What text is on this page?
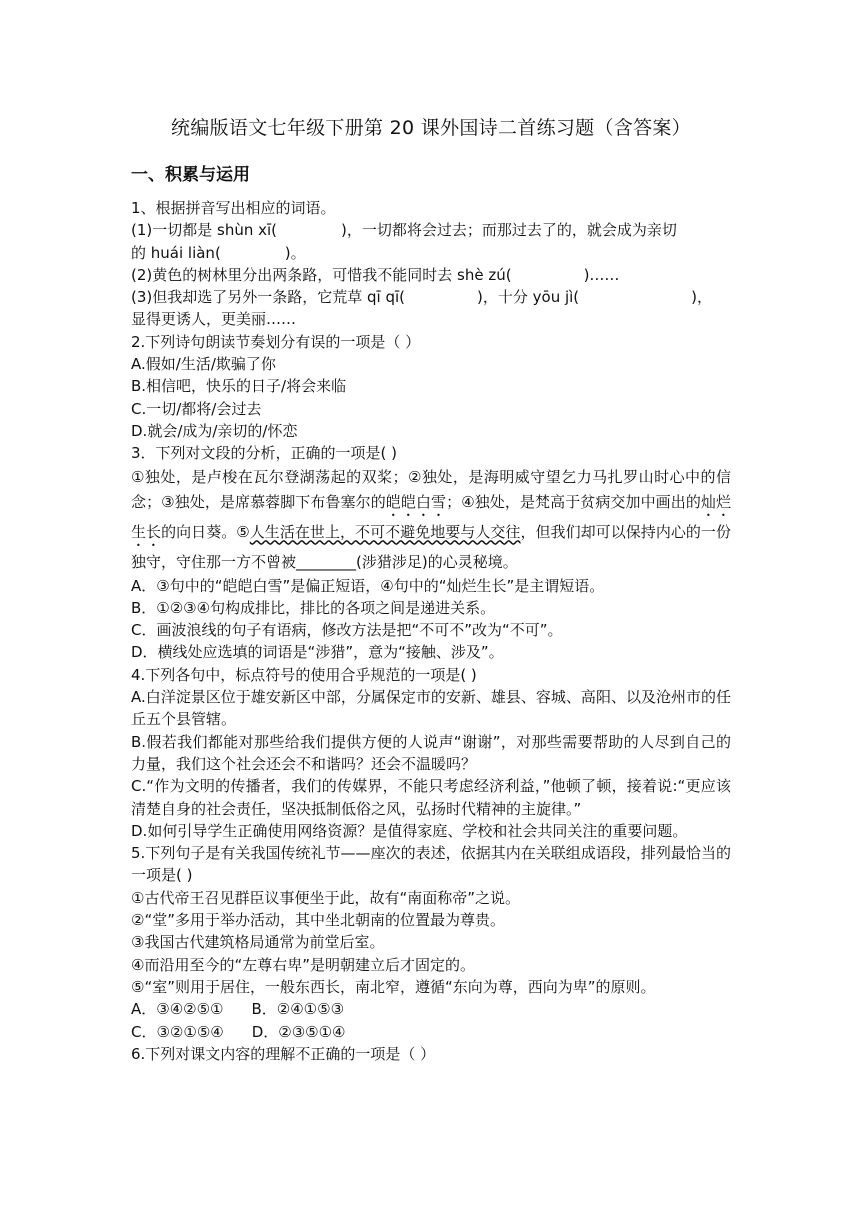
统编版语文七年级下册第 20 课外国诗二首练习题（含答案）
一、积累与运用

1、根据拼音写出相应的词语。

(1)一切都是 shùn xī(	)，一切都将会过去；而那过去了的，就会成为亲切

的 huái liàn(	)。

(2)黄色的树林里分出两条路，可惜我不能同时去 shè zú(	)……

(3)但我却选了另外一条路，它荒草 qī qī(	)，十分 yōu jì(	)，

显得更诱人，更美丽……

2.下列诗句朗读节奏划分有误的一项是（ ）

A.假如/生活/欺骗了你

B.相信吧，快乐的日子/将会来临

C.一切/都将/会过去

D.就会/成为/亲切的/怀恋

3．下列对文段的分析，正确的一项是( )

①独处，是卢梭在瓦尔登湖荡起的双桨；②独处，是海明威守望乞力马扎罗山时心中的信念；③独处，是席慕蓉脚下布鲁塞尔的皑皑白雪；④独处，是梵高于贫病交加中画出的灿烂生长的向日葵。⑤人生活在世上，不可不避免地要与人交往，但我们却可以保持内心的一份独守，守住那一方不曾被________(涉猎涉足)的心灵秘境。

A．③句中的“皑皑白雪”是偏正短语，④句中的“灿烂生长”是主谓短语。

B．①②③④句构成排比，排比的各项之间是递进关系。

C．画波浪线的句子有语病，修改方法是把“不可不”改为“不可”。

D．横线处应选填的词语是“涉猎”，意为“接触、涉及”。

4.下列各句中，标点符号的使用合乎规范的一项是( )

A.白洋淀景区位于雄安新区中部，分属保定市的安新、雄县、容城、高阳、以及沧州市的任丘五个县管辖。

B.假若我们都能对那些给我们提供方便的人说声“谢谢”，对那些需要帮助的人尽到自己的力量，我们这个社会还会不和谐吗？还会不温暖吗？

C.“作为文明的传播者，我们的传媒界，不能只考虑经济利益，”他顿了顿，接着说:“更应该清楚自身的社会责任，坚决抵制低俗之风，弘扬时代精神的主旋律。”

D.如何引导学生正确使用网络资源？是值得家庭、学校和社会共同关注的重要问题。

5.下列句子是有关我国传统礼节——座次的表述，依据其内在关联组成语段，排列最恰当的一项是( )

①古代帝王召见群臣议事便坐于此，故有“南面称帝”之说。

②“堂”多用于举办活动，其中坐北朝南的位置最为尊贵。

③我国古代建筑格局通常为前堂后室。

④而沿用至今的“左尊右卑”是明朝建立后才固定的。

⑤“室”则用于居住，一般东西长，南北窄，遵循“东向为尊，西向为卑”的原则。

A．③④②⑤① B．②④①⑤③

C．③②①⑤④ D．②③⑤①④

6.下列对课文内容的理解不正确的一项是（ ）
